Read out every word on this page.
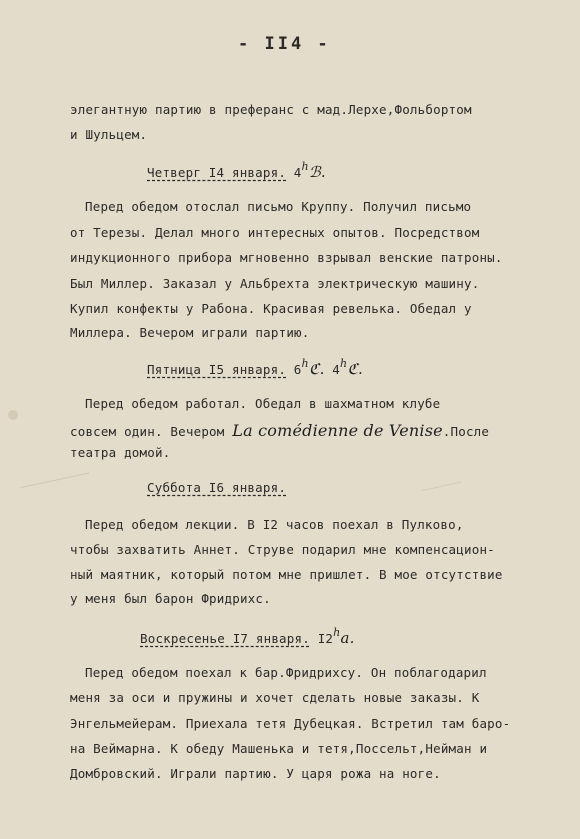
- II4 -
элегантную партию в преферанс с мад.Лерхе,Фольбортом
и Шульцем.
Четверг I4 января. 4hℬ.
Перед обедом отослал письмо Круппу. Получил письмо
от Терезы. Делал много интересных опытов. Посредством
индукционного прибора мгновенно взрывал венские патроны.
Был Миллер. Заказал у Альбрехта электрическую машину.
Купил конфекты у Рабона. Красивая ревелька. Обедал у
Миллера. Вечером играли партию.
Пятница I5 января. 6hℭ. 4hℭ.
Перед обедом работал. Обедал в шахматном клубе
совсем один. Вечером La comédienne de Venise.После
театра домой.
Суббота I6 января.
Перед обедом лекции. В I2 часов поехал в Пулково,
чтобы захватить Аннет. Струве подарил мне компенсацион-
ный маятник, который потом мне пришлет. В мое отсутствие
у меня был барон Фридрихс.
Воскресенье I7 января. I2ha.
Перед обедом поехал к бар.Фридрихсу. Он поблагодарил
меня за оси и пружины и хочет сделать новые заказы. К
Энгельмейерам. Приехала тетя Дубецкая. Встретил там баро-
на Веймарна. К обеду Машенька и тетя,Поссельт,Нейман и
Домбровский. Играли партию. У царя рожа на ноге.
